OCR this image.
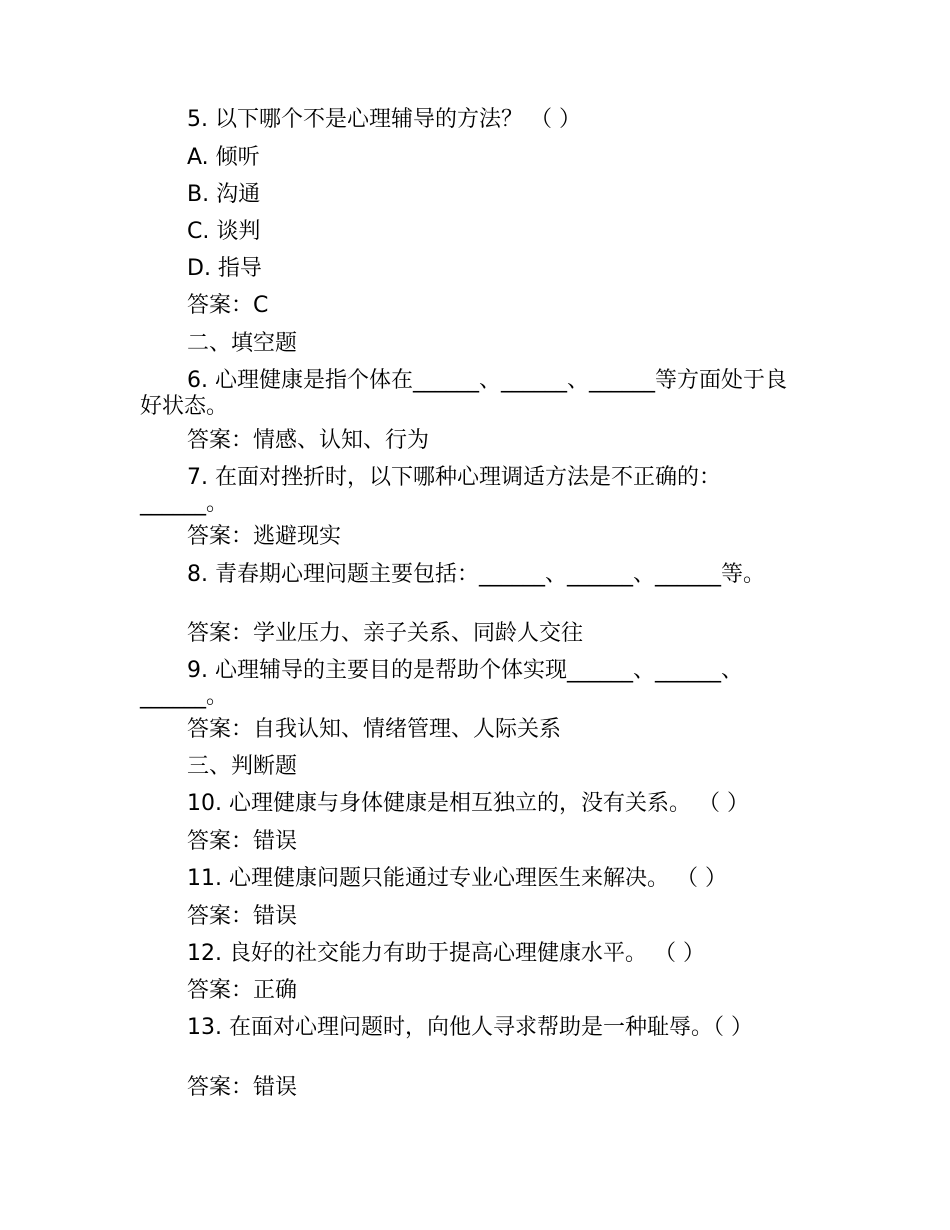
5. 以下哪个不是心理辅导的方法？ （ ）
A. 倾听
B. 沟通
C. 谈判
D. 指导
答案：C
二、填空题
6. 心理健康是指个体在______、______、______等方面处于良好状态。
答案：情感、认知、行为
7. 在面对挫折时，以下哪种心理调适方法是不正确的：______。
答案：逃避现实
8. 青春期心理问题主要包括：______、______、______等。
答案：学业压力、亲子关系、同龄人交往
9. 心理辅导的主要目的是帮助个体实现______、______、______。
答案：自我认知、情绪管理、人际关系
三、判断题
10. 心理健康与身体健康是相互独立的，没有关系。 （ ）
答案：错误
11. 心理健康问题只能通过专业心理医生来解决。 （ ）
答案：错误
12. 良好的社交能力有助于提高心理健康水平。 （ ）
答案：正确
13. 在面对心理问题时，向他人寻求帮助是一种耻辱。（ ）
答案：错误
